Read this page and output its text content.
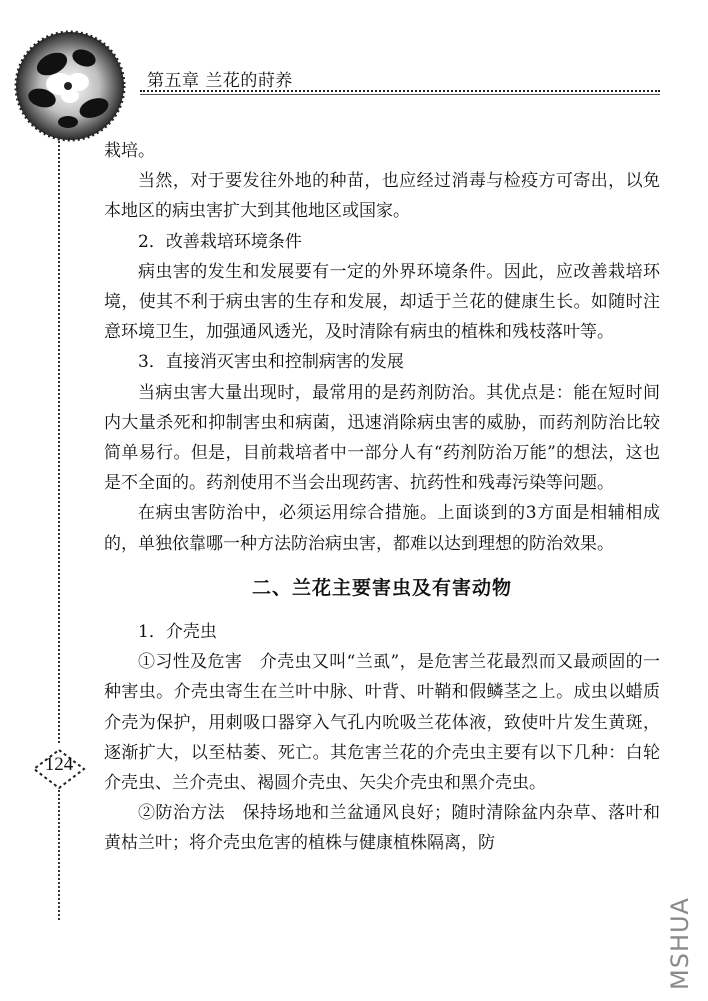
第五章 兰花的莳养
124

栽培。

当然，对于要发往外地的种苗，也应经过消毒与检疫方可寄出，以免本地区的病虫害扩大到其他地区或国家。

2．改善栽培环境条件

病虫害的发生和发展要有一定的外界环境条件。因此，应改善栽培环境，使其不利于病虫害的生存和发展，却适于兰花的健康生长。如随时注意环境卫生，加强通风透光，及时清除有病虫的植株和残枝落叶等。

3．直接消灭害虫和控制病害的发展

当病虫害大量出现时，最常用的是药剂防治。其优点是：能在短时间内大量杀死和抑制害虫和病菌，迅速消除病虫害的威胁，而药剂防治比较简单易行。但是，目前栽培者中一部分人有“药剂防治万能”的想法，这也是不全面的。药剂使用不当会出现药害、抗药性和残毒污染等问题。

在病虫害防治中，必须运用综合措施。上面谈到的3方面是相辅相成的，单独依靠哪一种方法防治病虫害，都难以达到理想的防治效果。

二、兰花主要害虫及有害动物

1．介壳虫

①习性及危害　介壳虫又叫“兰虱”，是危害兰花最烈而又最顽固的一种害虫。介壳虫寄生在兰叶中脉、叶背、叶鞘和假鳞茎之上。成虫以蜡质介壳为保护，用刺吸口器穿入气孔内吮吸兰花体液，致使叶片发生黄斑，逐渐扩大，以至枯萎、死亡。其危害兰花的介壳虫主要有以下几种：白轮介壳虫、兰介壳虫、褐圆介壳虫、矢尖介壳虫和黑介壳虫。

②防治方法　保持场地和兰盆通风良好；随时清除盆内杂草、落叶和黄枯兰叶；将介壳虫危害的植株与健康植株隔离，防

MSHUA
